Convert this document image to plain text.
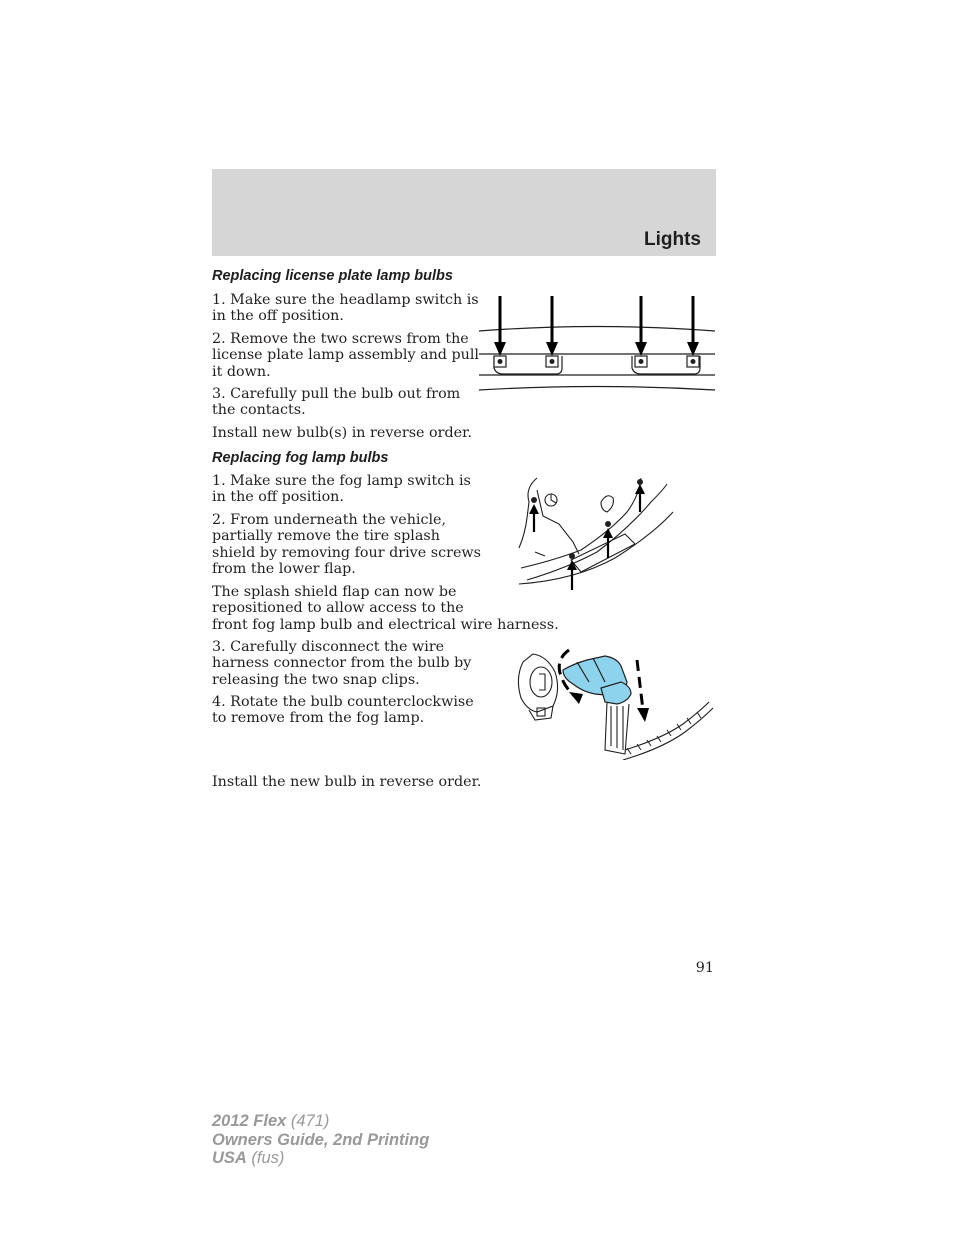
Lights
Replacing license plate lamp bulbs
1. Make sure the headlamp switch is
in the off position.
2. Remove the two screws from the
license plate lamp assembly and pull
it down.
3. Carefully pull the bulb out from
the contacts.
Install new bulb(s) in reverse order.
Replacing fog lamp bulbs
1. Make sure the fog lamp switch is
in the off position.
2. From underneath the vehicle,
partially remove the tire splash
shield by removing four drive screws
from the lower flap.
The splash shield flap can now be
repositioned to allow access to the
front fog lamp bulb and electrical wire harness.
3. Carefully disconnect the wire
harness connector from the bulb by
releasing the two snap clips.
4. Rotate the bulb counterclockwise
to remove from the fog lamp.
Install the new bulb in reverse order.
91
2012 Flex (471)
Owners Guide, 2nd Printing
USA (fus)
